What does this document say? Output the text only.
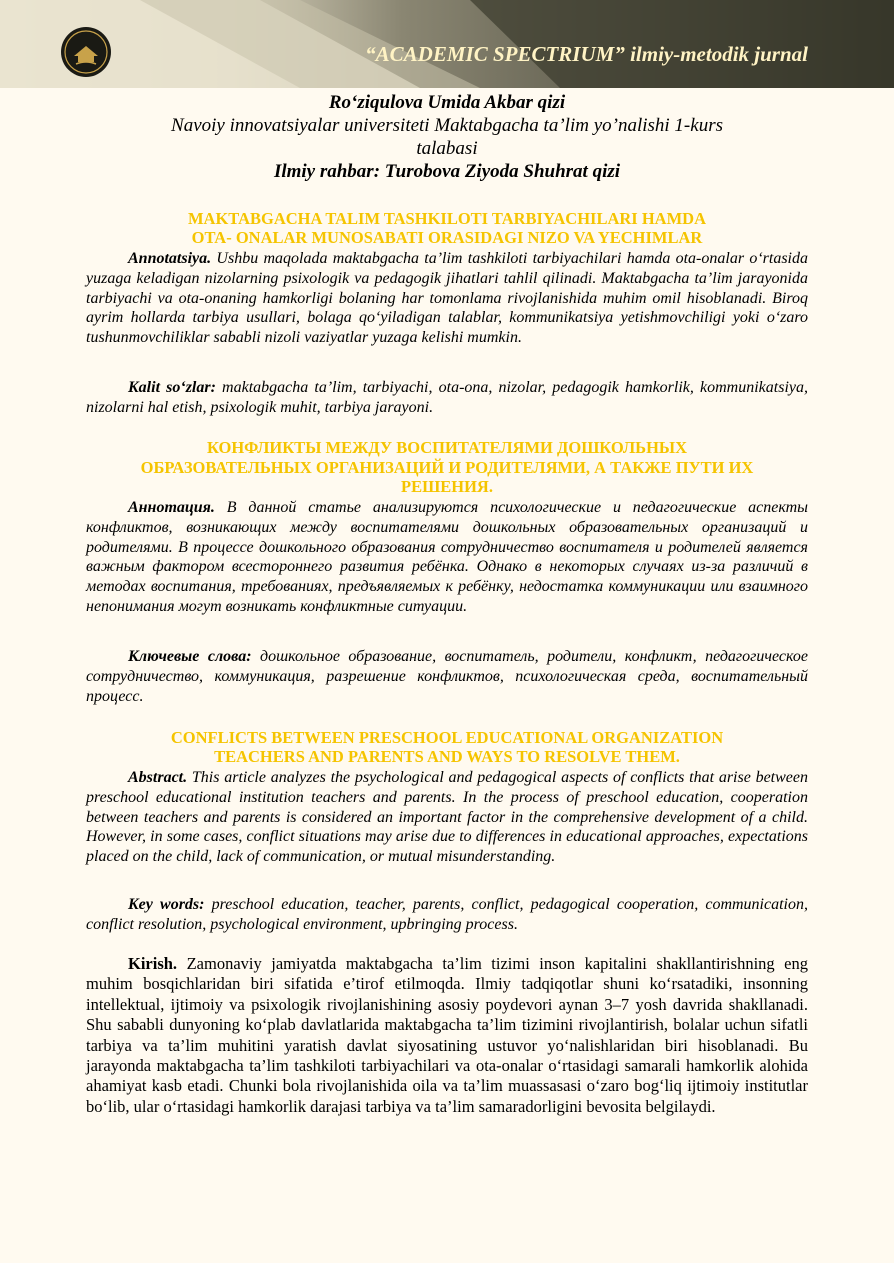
“ACADEMIC SPECTRIUM” ilmiy-metodik jurnal
Ro‘ziqulova Umida Akbar qizi
Navoiy innovatsiyalar universiteti Maktabgacha ta’lim yo’nalishi 1-kurs
talabasi
Ilmiy rahbar: Turobova Ziyoda Shuhrat qizi
MAKTABGACHA TALIM TASHKILOTI TARBIYACHILARI HAMDA
OTA- ONALAR MUNOSABATI ORASIDAGI NIZO VA YECHIMLAR
Annotatsiya. Ushbu maqolada maktabgacha ta’lim tashkiloti tarbiyachilari hamda ota-onalar o‘rtasida yuzaga keladigan nizolarning psixologik va pedagogik jihatlari tahlil qilinadi. Maktabgacha ta’lim jarayonida tarbiyachi va ota-onaning hamkorligi bolaning har tomonlama rivojlanishida muhim omil hisoblanadi. Biroq ayrim hollarda tarbiya usullari, bolaga qo‘yiladigan talablar, kommunikatsiya yetishmovchiligi yoki o‘zaro tushunmovchiliklar sababli nizoli vaziyatlar yuzaga kelishi mumkin.
Kalit so‘zlar: maktabgacha ta’lim, tarbiyachi, ota-ona, nizolar, pedagogik hamkorlik, kommunikatsiya, nizolarni hal etish, psixologik muhit, tarbiya jarayoni.
КОНФЛИКТЫ МЕЖДУ ВОСПИТАТЕЛЯМИ ДОШКОЛЬНЫХ
ОБРАЗОВАТЕЛЬНЫХ ОРГАНИЗАЦИЙ И РОДИТЕЛЯМИ, А ТАКЖЕ ПУТИ ИХ
РЕШЕНИЯ.
Аннотация. В данной статье анализируются психологические и педагогические аспекты конфликтов, возникающих между воспитателями дошкольных образовательных организаций и родителями. В процессе дошкольного образования сотрудничество воспитателя и родителей является важным фактором всестороннего развития ребёнка. Однако в некоторых случаях из-за различий в методах воспитания, требованиях, предъявляемых к ребёнку, недостатка коммуникации или взаимного непонимания могут возникать конфликтные ситуации.
Ключевые слова: дошкольное образование, воспитатель, родители, конфликт, педагогическое сотрудничество, коммуникация, разрешение конфликтов, психологическая среда, воспитательный процесс.
CONFLICTS BETWEEN PRESCHOOL EDUCATIONAL ORGANIZATION
TEACHERS AND PARENTS AND WAYS TO RESOLVE THEM.
Abstract. This article analyzes the psychological and pedagogical aspects of conflicts that arise between preschool educational institution teachers and parents. In the process of preschool education, cooperation between teachers and parents is considered an important factor in the comprehensive development of a child. However, in some cases, conflict situations may arise due to differences in educational approaches, expectations placed on the child, lack of communication, or mutual misunderstanding.
Key words: preschool education, teacher, parents, conflict, pedagogical cooperation, communication, conflict resolution, psychological environment, upbringing process.
Kirish. Zamonaviy jamiyatda maktabgacha ta’lim tizimi inson kapitalini shakllantirishning eng muhim bosqichlaridan biri sifatida e’tirof etilmoqda. Ilmiy tadqiqotlar shuni ko‘rsatadiki, insonning intellektual, ijtimoiy va psixologik rivojlanishining asosiy poydevori aynan 3–7 yosh davrida shakllanadi. Shu sababli dunyoning ko‘plab davlatlarida maktabgacha ta’lim tizimini rivojlantirish, bolalar uchun sifatli tarbiya va ta’lim muhitini yaratish davlat siyosatining ustuvor yo‘nalishlaridan biri hisoblanadi. Bu jarayonda maktabgacha ta’lim tashkiloti tarbiyachilari va ota-onalar o‘rtasidagi samarali hamkorlik alohida ahamiyat kasb etadi. Chunki bola rivojlanishida oila va ta’lim muassasasi o‘zaro bog‘liq ijtimoiy institutlar bo‘lib, ular o‘rtasidagi hamkorlik darajasi tarbiya va ta’lim samaradorligini bevosita belgilaydi.
